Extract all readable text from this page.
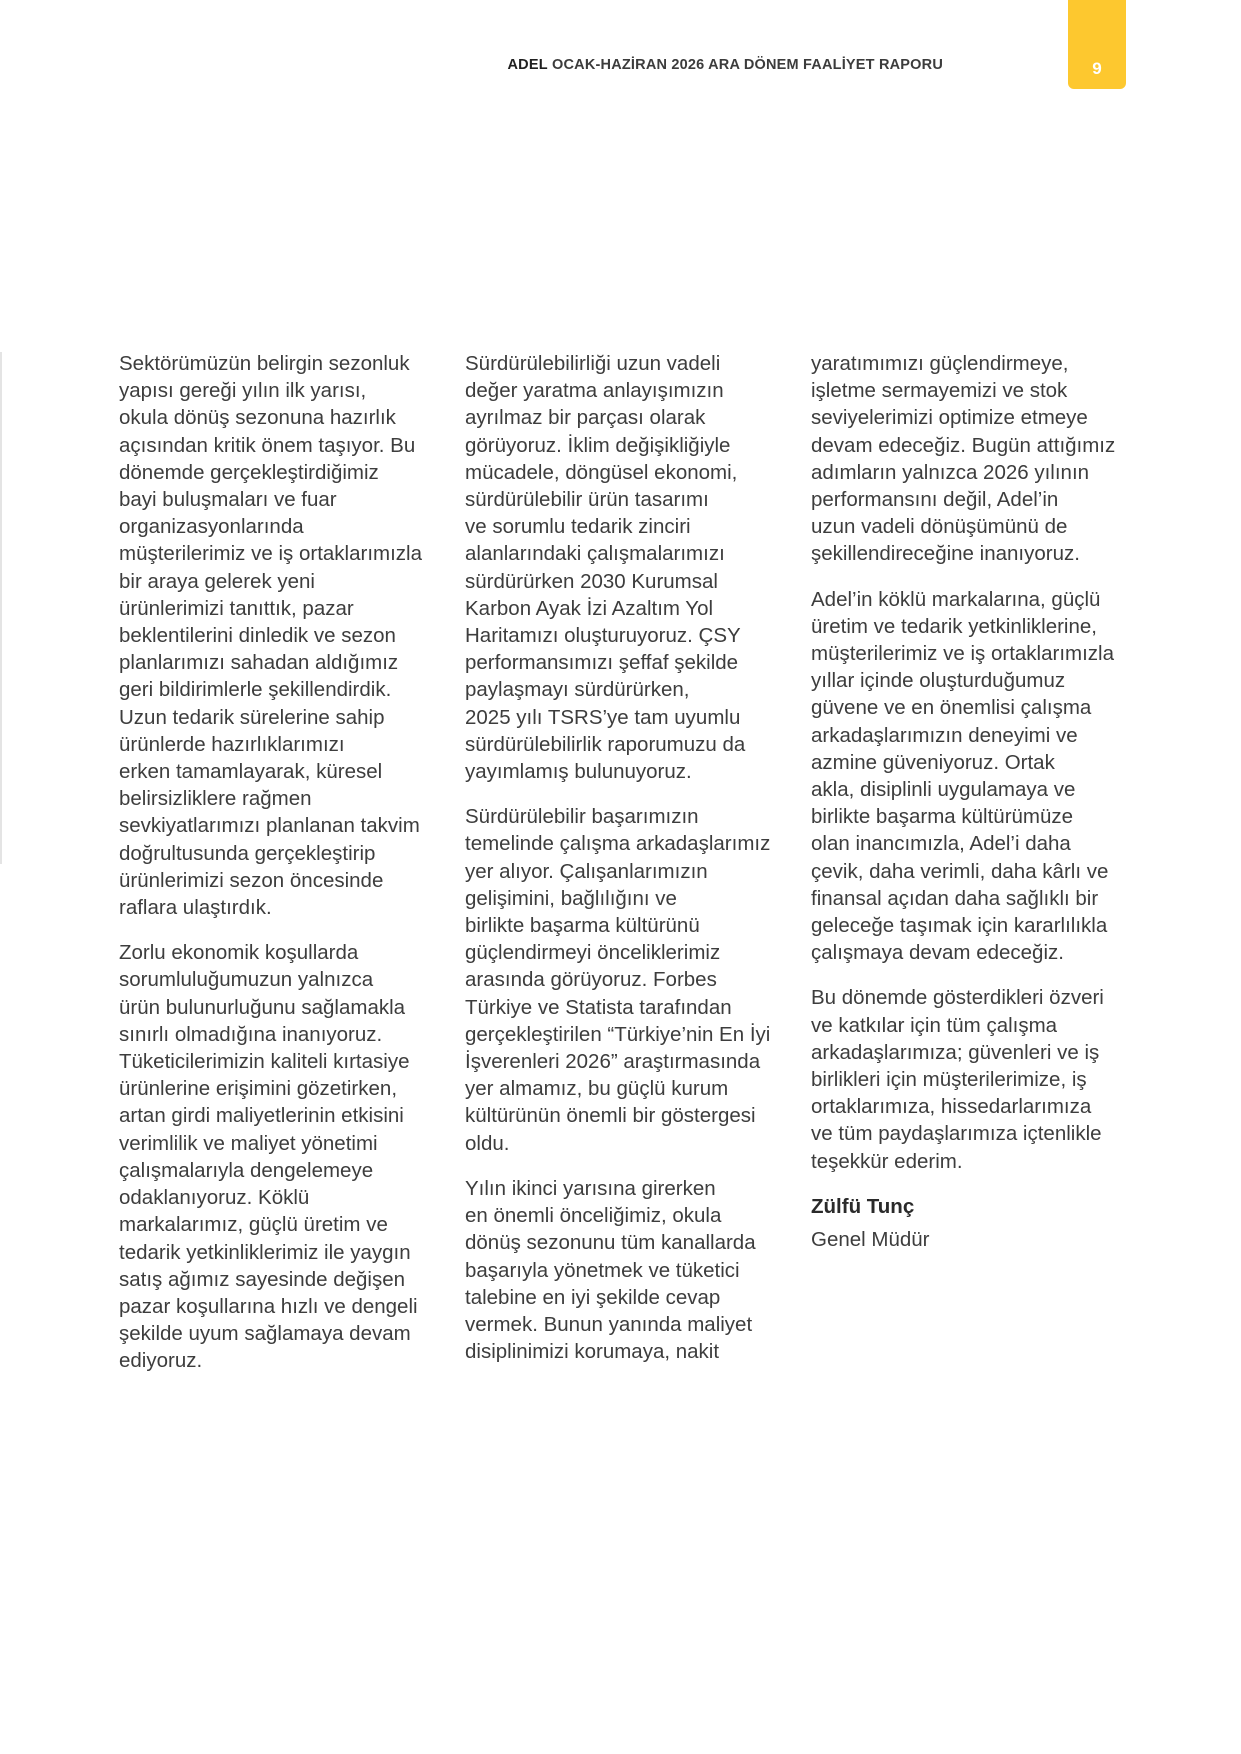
ADEL OCAK-HAZİRAN 2026 ARA DÖNEM FAALİYET RAPORU	9

Sektörümüzün belirgin sezonluk
yapısı gereği yılın ilk yarısı,
okula dönüş sezonuna hazırlık
açısından kritik önem taşıyor. Bu
dönemde gerçekleştirdiğimiz
bayi buluşmaları ve fuar
organizasyonlarında
müşterilerimiz ve iş ortaklarımızla
bir araya gelerek yeni
ürünlerimizi tanıttık, pazar
beklentilerini dinledik ve sezon
planlarımızı sahadan aldığımız
geri bildirimlerle şekillendirdik.
Uzun tedarik sürelerine sahip
ürünlerde hazırlıklarımızı
erken tamamlayarak, küresel
belirsizliklere rağmen
sevkiyatlarımızı planlanan takvim
doğrultusunda gerçekleştirip
ürünlerimizi sezon öncesinde
raflara ulaştırdık.

Zorlu ekonomik koşullarda
sorumluluğumuzun yalnızca
ürün bulunurluğunu sağlamakla
sınırlı olmadığına inanıyoruz.
Tüketicilerimizin kaliteli kırtasiye
ürünlerine erişimini gözetirken,
artan girdi maliyetlerinin etkisini
verimlilik ve maliyet yönetimi
çalışmalarıyla dengelemeye
odaklanıyoruz. Köklü
markalarımız, güçlü üretim ve
tedarik yetkinliklerimiz ile yaygın
satış ağımız sayesinde değişen
pazar koşullarına hızlı ve dengeli
şekilde uyum sağlamaya devam
ediyoruz.

Sürdürülebilirliği uzun vadeli
değer yaratma anlayışımızın
ayrılmaz bir parçası olarak
görüyoruz. İklim değişikliğiyle
mücadele, döngüsel ekonomi,
sürdürülebilir ürün tasarımı
ve sorumlu tedarik zinciri
alanlarındaki çalışmalarımızı
sürdürürken 2030 Kurumsal
Karbon Ayak İzi Azaltım Yol
Haritamızı oluşturuyoruz. ÇSY
performansımızı şeffaf şekilde
paylaşmayı sürdürürken,
2025 yılı TSRS’ye tam uyumlu
sürdürülebilirlik raporumuzu da
yayımlamış bulunuyoruz.

Sürdürülebilir başarımızın
temelinde çalışma arkadaşlarımız
yer alıyor. Çalışanlarımızın
gelişimini, bağlılığını ve
birlikte başarma kültürünü
güçlendirmeyi önceliklerimiz
arasında görüyoruz. Forbes
Türkiye ve Statista tarafından
gerçekleştirilen “Türkiye’nin En İyi
İşverenleri 2026” araştırmasında
yer almamız, bu güçlü kurum
kültürünün önemli bir göstergesi
oldu.

Yılın ikinci yarısına girerken
en önemli önceliğimiz, okula
dönüş sezonunu tüm kanallarda
başarıyla yönetmek ve tüketici
talebine en iyi şekilde cevap
vermek. Bunun yanında maliyet
disiplinimizi korumaya, nakit

yaratımımızı güçlendirmeye,
işletme sermayemizi ve stok
seviyelerimizi optimize etmeye
devam edeceğiz. Bugün attığımız
adımların yalnızca 2026 yılının
performansını değil, Adel’in
uzun vadeli dönüşümünü de
şekillendireceğine inanıyoruz.

Adel’in köklü markalarına, güçlü
üretim ve tedarik yetkinliklerine,
müşterilerimiz ve iş ortaklarımızla
yıllar içinde oluşturduğumuz
güvene ve en önemlisi çalışma
arkadaşlarımızın deneyimi ve
azmine güveniyoruz. Ortak
akla, disiplinli uygulamaya ve
birlikte başarma kültürümüze
olan inancımızla, Adel’i daha
çevik, daha verimli, daha kârlı ve
finansal açıdan daha sağlıklı bir
geleceğe taşımak için kararlılıkla
çalışmaya devam edeceğiz.

Bu dönemde gösterdikleri özveri
ve katkılar için tüm çalışma
arkadaşlarımıza; güvenleri ve iş
birlikleri için müşterilerimize, iş
ortaklarımıza, hissedarlarımıza
ve tüm paydaşlarımıza içtenlikle
teşekkür ederim.

Zülfü Tunç

Genel Müdür
